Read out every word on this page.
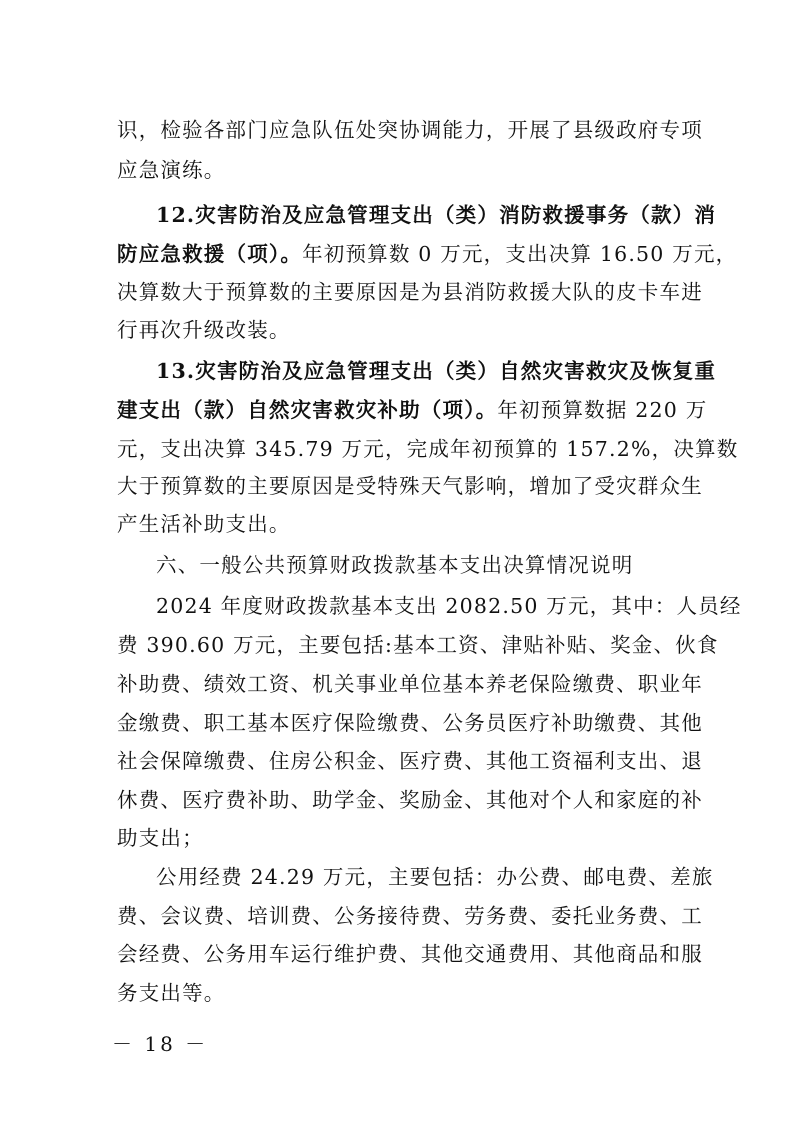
识，检验各部门应急队伍处突协调能力，开展了县级政府专项
应急演练。
12.灾害防治及应急管理支出（类）消防救援事务（款）消
防应急救援（项）。年初预算数 0 万元，支出决算 16.50 万元，
决算数大于预算数的主要原因是为县消防救援大队的皮卡车进
行再次升级改装。
13.灾害防治及应急管理支出（类）自然灾害救灾及恢复重
建支出（款）自然灾害救灾补助（项）。年初预算数据 220 万
元，支出决算 345.79 万元，完成年初预算的 157.2%，决算数
大于预算数的主要原因是受特殊天气影响，增加了受灾群众生
产生活补助支出。
六、一般公共预算财政拨款基本支出决算情况说明
2024 年度财政拨款基本支出 2082.50 万元，其中：人员经
费 390.60 万元，主要包括:基本工资、津贴补贴、奖金、伙食
补助费、绩效工资、机关事业单位基本养老保险缴费、职业年
金缴费、职工基本医疗保险缴费、公务员医疗补助缴费、其他
社会保障缴费、住房公积金、医疗费、其他工资福利支出、退
休费、医疗费补助、助学金、奖励金、其他对个人和家庭的补
助支出；
公用经费 24.29 万元，主要包括：办公费、邮电费、差旅
费、会议费、培训费、公务接待费、劳务费、委托业务费、工
会经费、公务用车运行维护费、其他交通费用、其他商品和服
务支出等。
－ 18 －
